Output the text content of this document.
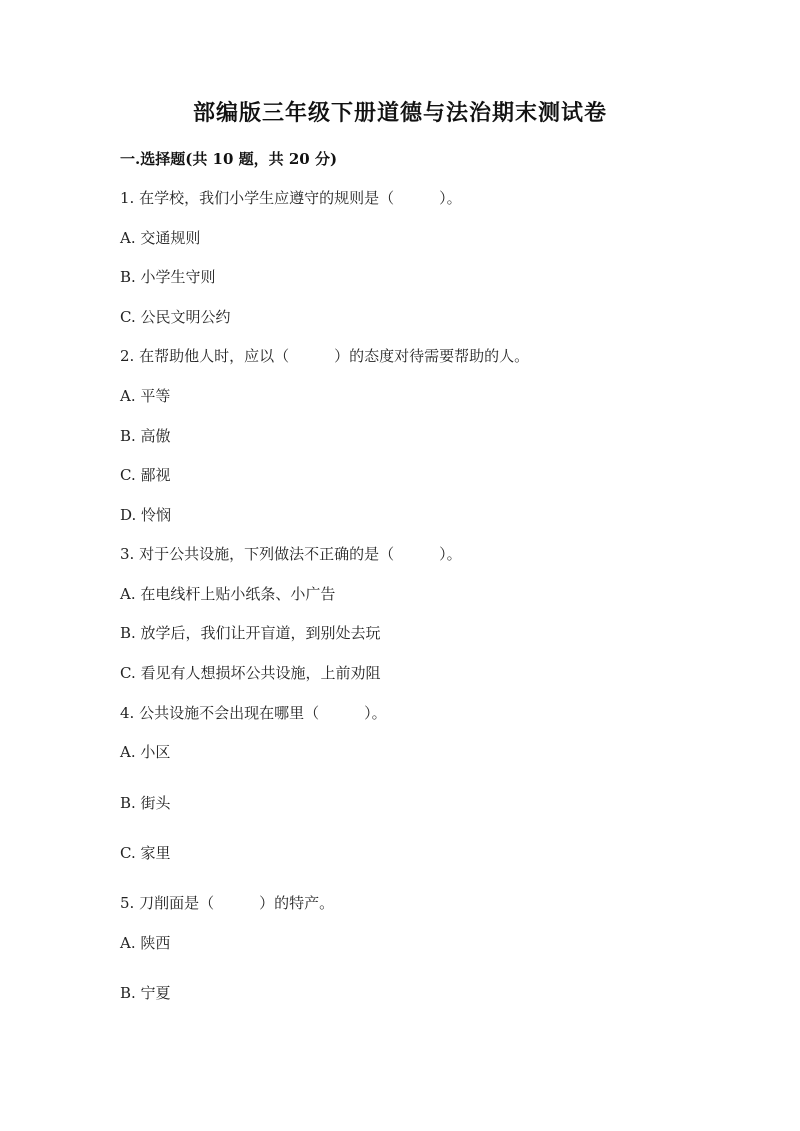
部编版三年级下册道德与法治期末测试卷
一.选择题(共 10 题，共 20 分)
1. 在学校，我们小学生应遵守的规则是（　　　）。
A. 交通规则
B. 小学生守则
C. 公民文明公约
2. 在帮助他人时，应以（　　　）的态度对待需要帮助的人。
A. 平等
B. 高傲
C. 鄙视
D. 怜悯
3. 对于公共设施，下列做法不正确的是（　　　）。
A. 在电线杆上贴小纸条、小广告
B. 放学后，我们让开盲道，到别处去玩
C. 看见有人想损坏公共设施，上前劝阻
4. 公共设施不会出现在哪里（　　　）。
A. 小区
B. 街头
C. 家里
5. 刀削面是（　　　）的特产。
A. 陕西
B. 宁夏
